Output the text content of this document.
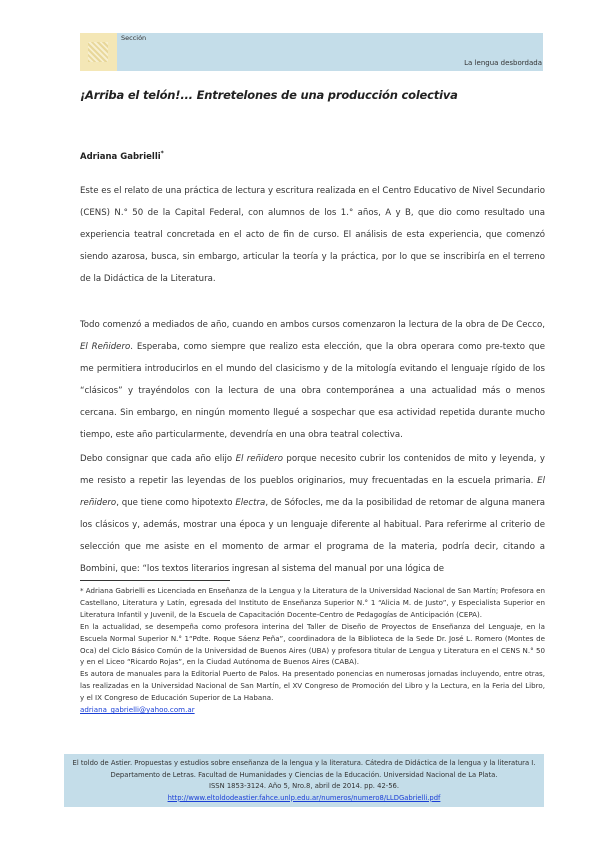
Sección
La lengua desbordada
¡Arriba el telón!... Entretelones de una producción colectiva
Adriana Gabrielli*
Este es el relato de una práctica de lectura y escritura realizada en el Centro Educativo de Nivel Secundario (CENS) N.° 50 de la Capital Federal, con alumnos de los 1.° años, A y B, que dio como resultado una experiencia teatral concretada en el acto de fin de curso. El análisis de esta experiencia, que comenzó siendo azarosa, busca, sin embargo, articular la teoría y la práctica, por lo que se inscribiría en el terreno de la Didáctica de la Literatura.
Todo comenzó a mediados de año, cuando en ambos cursos comenzaron la lectura de la obra de De Cecco, El Reñidero. Esperaba, como siempre que realizo esta elección, que la obra operara como pre-texto que me permitiera introducirlos en el mundo del clasicismo y de la mitología evitando el lenguaje rígido de los “clásicos” y trayéndolos con la lectura de una obra contemporánea a una actualidad más o menos cercana. Sin embargo, en ningún momento llegué a sospechar que esa actividad repetida durante mucho tiempo, este año particularmente, devendría en una obra teatral colectiva.
Debo consignar que cada año elijo El reñidero porque necesito cubrir los contenidos de mito y leyenda, y me resisto a repetir las leyendas de los pueblos originarios, muy frecuentadas en la escuela primaria. El reñidero, que tiene como hipotexto Electra, de Sófocles, me da la posibilidad de retomar de alguna manera los clásicos y, además, mostrar una época y un lenguaje diferente al habitual. Para referirme al criterio de selección que me asiste en el momento de armar el programa de la materia, podría decir, citando a Bombini, que: “los textos literarios ingresan al sistema del manual por una lógica de
* Adriana Gabrielli es Licenciada en Enseñanza de la Lengua y la Literatura de la Universidad Nacional de San Martín; Profesora en Castellano, Literatura y Latín, egresada del Instituto de Enseñanza Superior N.° 1 “Alicia M. de Justo”, y Especialista Superior en Literatura Infantil y Juvenil, de la Escuela de Capacitación Docente-Centro de Pedagogías de Anticipación (CEPA).
En la actualidad, se desempeña como profesora interina del Taller de Diseño de Proyectos de Enseñanza del Lenguaje, en la Escuela Normal Superior N.° 1“Pdte. Roque Sáenz Peña”, coordinadora de la Biblioteca de la Sede Dr. José L. Romero (Montes de Oca) del Ciclo Básico Común de la Universidad de Buenos Aires (UBA) y profesora titular de Lengua y Literatura en el CENS N.° 50 y en el Liceo “Ricardo Rojas”, en la Ciudad Autónoma de Buenos Aires (CABA).
Es autora de manuales para la Editorial Puerto de Palos. Ha presentado ponencias en numerosas jornadas incluyendo, entre otras, las realizadas en la Universidad Nacional de San Martín, el XV Congreso de Promoción del Libro y la Lectura, en la Feria del Libro, y el IX Congreso de Educación Superior de La Habana.
adriana_gabrielli@yahoo.com.ar
El toldo de Astier. Propuestas y estudios sobre enseñanza de la lengua y la literatura. Cátedra de Didáctica de la lengua y la literatura I. Departamento de Letras. Facultad de Humanidades y Ciencias de la Educación. Universidad Nacional de La Plata.
ISSN 1853-3124. Año 5, Nro.8, abril de 2014. pp. 42-56.
http://www.eltoldodeastier.fahce.unlp.edu.ar/numeros/numero8/LLDGabrielli.pdf
